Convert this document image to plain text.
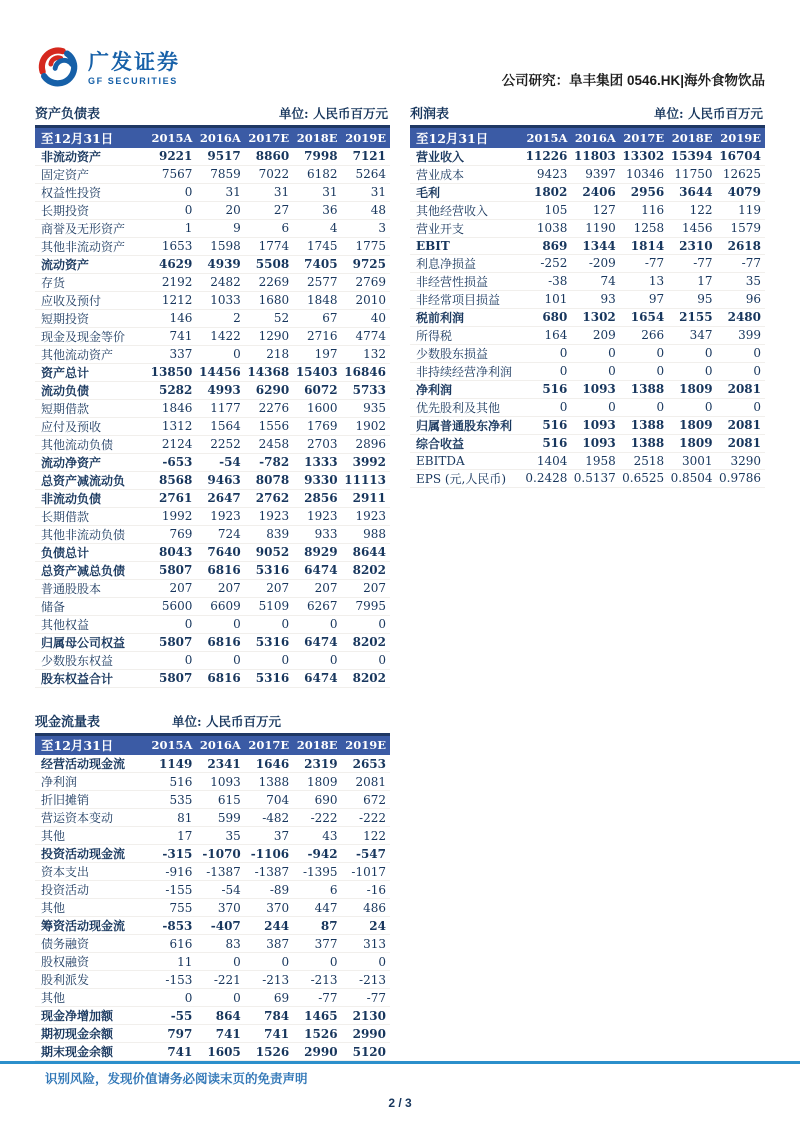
广发证券
GF SECURITIES	公司研究：阜丰集团 0546.HK|海外食物饮品
资产负债表	单位: 人民币百万元
至12月31日	2015A	2016A	2017E	2018E	2019E
非流动资产	9221	9517	8860	7998	7121
固定资产	7567	7859	7022	6182	5264
权益性投资	0	31	31	31	31
长期投资	0	20	27	36	48
商誉及无形资产	1	9	6	4	3
其他非流动资产	1653	1598	1774	1745	1775
流动资产	4629	4939	5508	7405	9725
存货	2192	2482	2269	2577	2769
应收及预付	1212	1033	1680	1848	2010
短期投资	146	2	52	67	40
现金及现金等价	741	1422	1290	2716	4774
其他流动资产	337	0	218	197	132
资产总计	13850	14456	14368	15403	16846
流动负债	5282	4993	6290	6072	5733
短期借款	1846	1177	2276	1600	935
应付及预收	1312	1564	1556	1769	1902
其他流动负债	2124	2252	2458	2703	2896
流动净资产	-653	-54	-782	1333	3992
总资产减流动负	8568	9463	8078	9330	11113
非流动负债	2761	2647	2762	2856	2911
长期借款	1992	1923	1923	1923	1923
其他非流动负债	769	724	839	933	988
负债总计	8043	7640	9052	8929	8644
总资产减总负债	5807	6816	5316	6474	8202
普通股股本	207	207	207	207	207
储备	5600	6609	5109	6267	7995
其他权益	0	0	0	0	0
归属母公司权益	5807	6816	5316	6474	8202
少数股东权益	0	0	0	0	0
股东权益合计	5807	6816	5316	6474	8202
现金流量表	单位: 人民币百万元
至12月31日	2015A	2016A	2017E	2018E	2019E
经营活动现金流	1149	2341	1646	2319	2653
净利润	516	1093	1388	1809	2081
折旧摊销	535	615	704	690	672
营运资本变动	81	599	-482	-222	-222
其他	17	35	37	43	122
投资活动现金流	-315	-1070	-1106	-942	-547
资本支出	-916	-1387	-1387	-1395	-1017
投资活动	-155	-54	-89	6	-16
其他	755	370	370	447	486
筹资活动现金流	-853	-407	244	87	24
债务融资	616	83	387	377	313
股权融资	11	0	0	0	0
股利派发	-153	-221	-213	-213	-213
其他	0	0	69	-77	-77
现金净增加额	-55	864	784	1465	2130
期初现金余额	797	741	741	1526	2990
期末现金余额	741	1605	1526	2990	5120
利润表	单位: 人民币百万元
至12月31日	2015A	2016A	2017E	2018E	2019E
营业收入	11226	11803	13302	15394	16704
营业成本	9423	9397	10346	11750	12625
毛利	1802	2406	2956	3644	4079
其他经营收入	105	127	116	122	119
营业开支	1038	1190	1258	1456	1579
EBIT	869	1344	1814	2310	2618
利息净损益	-252	-209	-77	-77	-77
非经营性损益	-38	74	13	17	35
非经常项目损益	101	93	97	95	96
税前利润	680	1302	1654	2155	2480
所得税	164	209	266	347	399
少数股东损益	0	0	0	0	0
非持续经营净利润	0	0	0	0	0
净利润	516	1093	1388	1809	2081
优先股利及其他	0	0	0	0	0
归属普通股东净利	516	1093	1388	1809	2081
综合收益	516	1093	1388	1809	2081
EBITDA	1404	1958	2518	3001	3290
EPS (元,人民币)	0.2428	0.5137	0.6525	0.8504	0.9786
识别风险，发现价值请务必阅读末页的免责声明
2 / 3
